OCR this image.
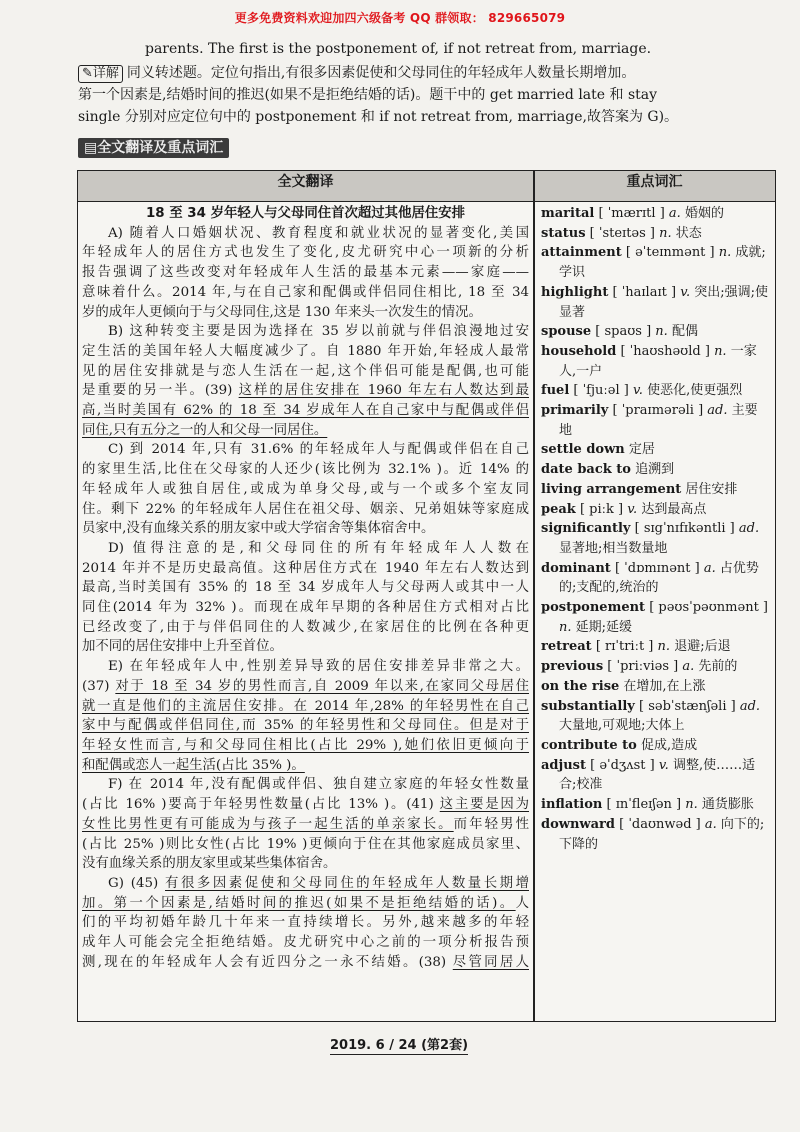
更多免费资料欢迎加四六级备考 QQ 群领取： 829665079
parents. The first is the postponement of, if not retreat from, marriage.
✎详解 同义转述题。定位句指出,有很多因素促使和父母同住的年轻成年人数量长期增加。
第一个因素是,结婚时间的推迟(如果不是拒绝结婚的话)。题干中的 get married late 和 stay
single 分别对应定位句中的 postponement 和 if not retreat from, marriage,故答案为 G)。
▤全文翻译及重点词汇
全文翻译	重点词汇
18 至 34 岁年轻人与父母同住首次超过其他居住安排
A) 随着人口婚姻状况、教育程度和就业状况的显著变化,美国
年轻成年人的居住方式也发生了变化,皮尤研究中心一项新的分析
报告强调了这些改变对年轻成年人生活的最基本元素——家庭——
意味着什么。2014 年,与在自己家和配偶或伴侣同住相比, 18 至 34
岁的成年人更倾向于与父母同住,这是 130 年来头一次发生的情况。
B) 这种转变主要是因为选择在 35 岁以前就与伴侣浪漫地过安
定生活的美国年轻人大幅度减少了。自 1880 年开始,年轻成人最常
见的居住安排就是与恋人生活在一起,这个伴侣可能是配偶,也可能
是重要的另一半。(39) 这样的居住安排在 1960 年左右人数达到最
高,当时美国有 62% 的 18 至 34 岁成年人在自己家中与配偶或伴侣
同住,只有五分之一的人和父母一同居住。
C) 到 2014 年,只有 31.6% 的年轻成年人与配偶或伴侣在自己
的家里生活,比住在父母家的人还少(该比例为 32.1% )。近 14% 的
年轻成年人或独自居住,或成为单身父母,或与一个或多个室友同
住。剩下 22% 的年轻成年人居住在祖父母、姻亲、兄弟姐妹等家庭成
员家中,没有血缘关系的朋友家中或大学宿舍等集体宿舍中。
D) 值得注意的是,和父母同住的所有年轻成年人人数在
2014 年并不是历史最高值。这种居住方式在 1940 年左右人数达到
最高,当时美国有 35% 的 18 至 34 岁成年人与父母两人或其中一人
同住(2014 年为 32% )。而现在成年早期的各种居住方式相对占比
已经改变了,由于与伴侣同住的人数减少,在家居住的比例在各种更
加不同的居住安排中上升至首位。
E) 在年轻成年人中,性别差异导致的居住安排差异非常之大。
(37) 对于 18 至 34 岁的男性而言,自 2009 年以来,在家同父母居住
就一直是他们的主流居住安排。在 2014 年,28% 的年轻男性在自己
家中与配偶或伴侣同住,而 35% 的年轻男性和父母同住。但是对于
年轻女性而言,与和父母同住相比(占比 29% ),她们依旧更倾向于
和配偶或恋人一起生活(占比 35% )。
F) 在 2014 年,没有配偶或伴侣、独自建立家庭的年轻女性数量
(占比 16% )要高于年轻男性数量(占比 13% )。(41) 这主要是因为
女性比男性更有可能成为与孩子一起生活的单亲家长。而年轻男性
(占比 25% )则比女性(占比 19% )更倾向于住在其他家庭成员家里、
没有血缘关系的朋友家里或某些集体宿舍。
G) (45) 有很多因素促使和父母同住的年轻成年人数量长期增
加。第一个因素是,结婚时间的推迟(如果不是拒绝结婚的话)。人
们的平均初婚年龄几十年来一直持续增长。另外,越来越多的年轻
成年人可能会完全拒绝结婚。皮尤研究中心之前的一项分析报告预
测,现在的年轻成年人会有近四分之一永不结婚。(38) 尽管同居人
marital [ ˈmærɪtl ] a. 婚姻的
status [ ˈsteɪtəs ] n. 状态
attainment [ əˈteɪnmənt ] n. 成就;学识
highlight [ ˈhaɪlaɪt ] v. 突出;强调;使显著
spouse [ spaʊs ] n. 配偶
household [ ˈhaʊshəʊld ] n. 一家人,一户
fuel [ ˈfjuːəl ] v. 使恶化,使更强烈
primarily [ ˈpraɪmərəli ] ad. 主要地
settle down 定居
date back to 追溯到
living arrangement 居住安排
peak [ piːk ] v. 达到最高点
significantly [ sɪgˈnɪfɪkəntli ] ad. 显著地;相当数量地
dominant [ ˈdɒmɪnənt ] a. 占优势的;支配的,统治的
postponement [ pəʊsˈpəʊnmənt ] n. 延期;延缓
retreat [ rɪˈtriːt ] n. 退避;后退
previous [ ˈpriːviəs ] a. 先前的
on the rise 在增加,在上涨
substantially [ səbˈstænʃəli ] ad. 大量地,可观地;大体上
contribute to 促成,造成
adjust [ əˈdʒʌst ] v. 调整,使……适合;校准
inflation [ ɪnˈfleɪʃən ] n. 通货膨胀
downward [ ˈdaʊnwəd ] a. 向下的;下降的
2019. 6 / 24 (第2套)
